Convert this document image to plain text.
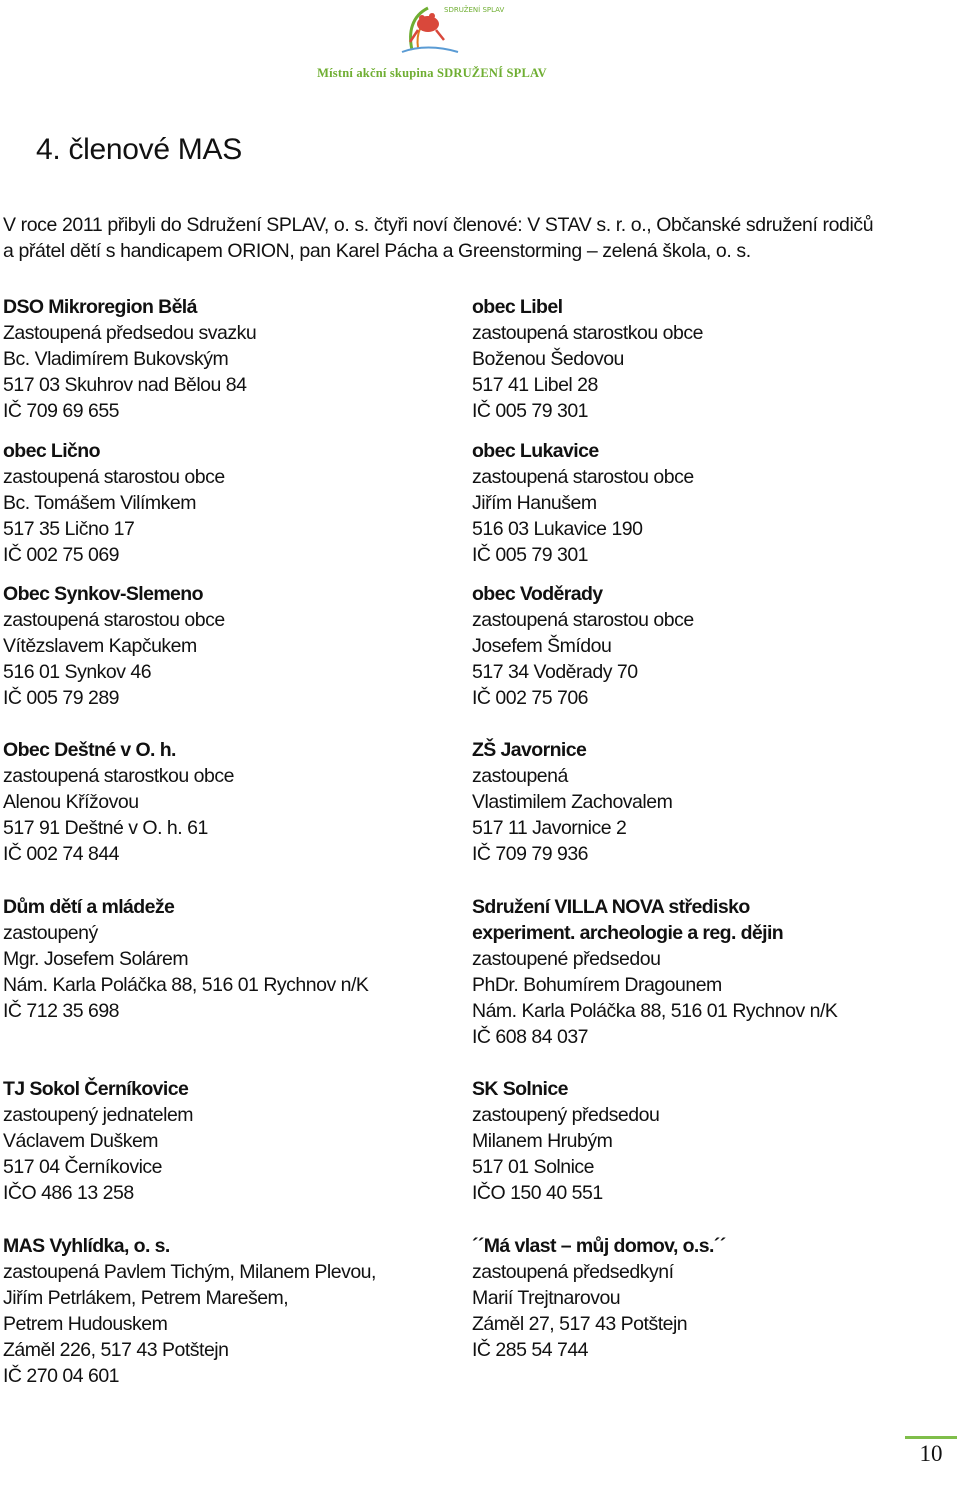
SDRUŽENÍ SPLAV
Místní akční skupina SDRUŽENÍ SPLAV
4. členové MAS

V roce 2011 přibyli do Sdružení SPLAV, o. s. čtyři noví členové: V STAV s. r. o., Občanské sdružení rodičů a přátel dětí s handicapem ORION, pan Karel Pácha a Greenstorming – zelená škola, o. s.

DSO Mikroregion Bělá
Zastoupená předsedou svazku
Bc. Vladimírem Bukovským
517 03 Skuhrov nad Bělou 84
IČ 709 69 655
obec Lično
zastoupená starostou obce
Bc. Tomášem Vilímkem
517 35 Lično 17
IČ 002 75 069
Obec Synkov-Slemeno
zastoupená starostou obce
Vítězslavem Kapčukem
516 01 Synkov 46
IČ 005 79 289
Obec Deštné v O. h.
zastoupená starostkou obce
Alenou Křížovou
517 91 Deštné v O. h. 61
IČ 002 74 844
Dům dětí a mládeže
zastoupený
Mgr. Josefem Solárem
Nám. Karla Poláčka 88, 516 01 Rychnov n/K
IČ 712 35 698
TJ Sokol Černíkovice
zastoupený jednatelem
Václavem Duškem
517 04 Černíkovice
IČO 486 13 258
MAS Vyhlídka, o. s.
zastoupená Pavlem Tichým, Milanem Plevou,
Jiřím Petrlákem, Petrem Marešem,
Petrem Hudouskem
Záměl 226, 517 43 Potštejn
IČ 270 04 601
obec Libel
zastoupená starostkou obce
Boženou Šedovou
517 41 Libel 28
IČ 005 79 301
obec Lukavice
zastoupená starostou obce
Jiřím Hanušem
516 03 Lukavice 190
IČ 005 79 301
obec Voděrady
zastoupená starostou obce
Josefem Šmídou
517 34 Voděrady 70
IČ 002 75 706
ZŠ Javornice
zastoupená
Vlastimilem Zachovalem
517 11 Javornice 2
IČ 709 79 936
Sdružení VILLA NOVA středisko
experiment. archeologie a reg. dějin
zastoupené předsedou
PhDr. Bohumírem Dragounem
Nám. Karla Poláčka 88, 516 01 Rychnov n/K
IČ 608 84 037
SK Solnice
zastoupený předsedou
Milanem Hrubým
517 01 Solnice
IČO 150 40 551
´´Má vlast – můj domov, o.s.´´
zastoupená předsedkyní
Marií Trejtnarovou
Záměl 27, 517 43 Potštejn
IČ 285 54 744
10
